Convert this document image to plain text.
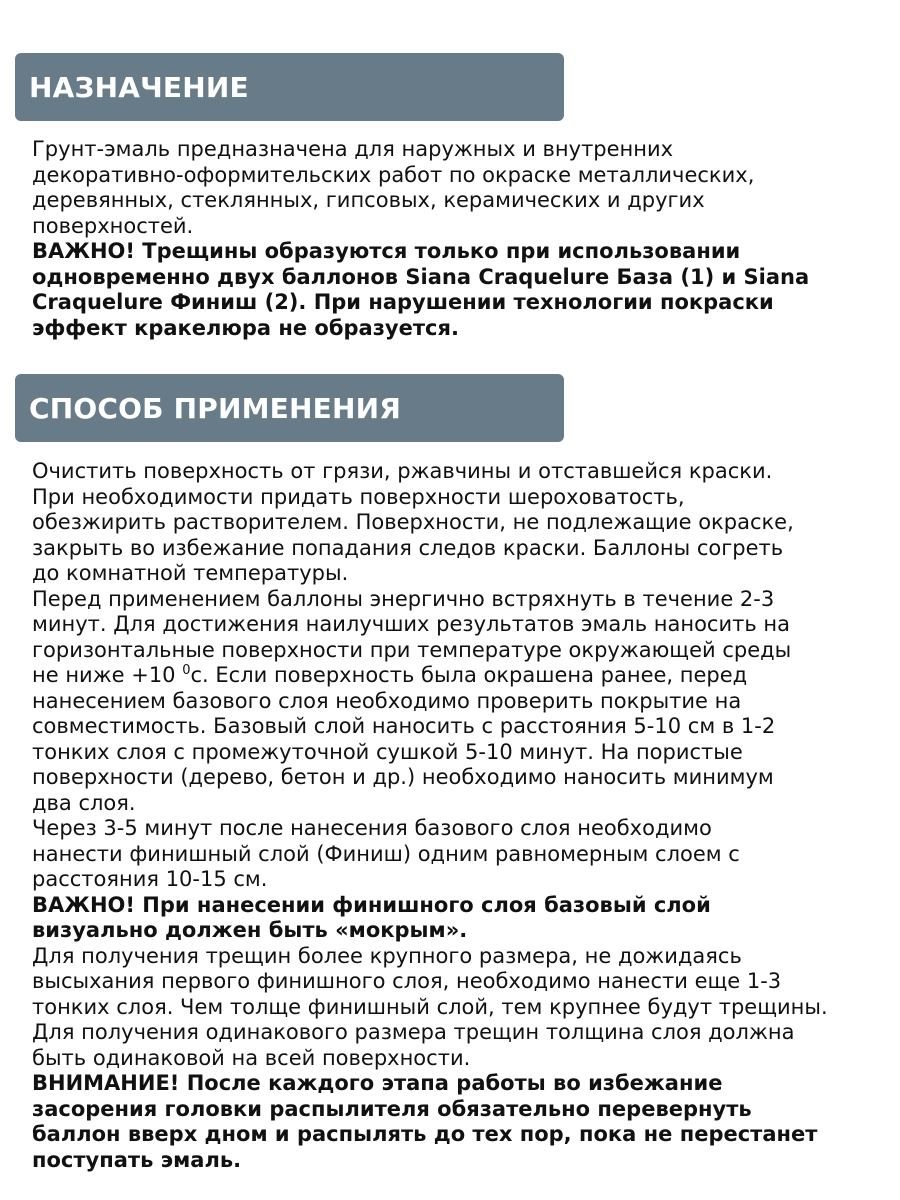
НАЗНАЧЕНИЕ
Грунт-эмаль предназначена для наружных и внутренних
декоративно-оформительских работ по окраске металлических,
деревянных, стеклянных, гипсовых, керамических и других
поверхностей.
ВАЖНО! Трещины образуются только при использовании
одновременно двух баллонов Siana Craquelure База (1) и Siana
Craquelure Финиш (2). При нарушении технологии покраски
эффект кракелюра не образуется.
СПОСОБ ПРИМЕНЕНИЯ
Очистить поверхность от грязи, ржавчины и отставшейся краски.
При необходимости придать поверхности шероховатость,
обезжирить растворителем. Поверхности, не подлежащие окраске,
закрыть во избежание попадания следов краски. Баллоны согреть
до комнатной температуры.
Перед применением баллоны энергично встряхнуть в течение 2-3
минут. Для достижения наилучших результатов эмаль наносить на
горизонтальные поверхности при температуре окружающей среды
не ниже +10 $^0$с. Если поверхность была окрашена ранее, перед
нанесением базового слоя необходимо проверить покрытие на
совместимость. Базовый слой наносить с расстояния 5-10 см в 1-2
тонких слоя с промежуточной сушкой 5-10 минут. На пористые
поверхности (дерево, бетон и др.) необходимо наносить минимум
два слоя.
Через 3-5 минут после нанесения базового слоя необходимо
нанести финишный слой (Финиш) одним равномерным слоем с
расстояния 10-15 см.
ВАЖНО! При нанесении финишного слоя базовый слой
визуально должен быть «мокрым».
Для получения трещин более крупного размера, не дожидаясь
высыхания первого финишного слоя, необходимо нанести еще 1-3
тонких слоя. Чем толще финишный слой, тем крупнее будут трещины.
Для получения одинакового размера трещин толщина слоя должна
быть одинаковой на всей поверхности.
ВНИМАНИЕ! После каждого этапа работы во избежание
засорения головки распылителя обязательно перевернуть
баллон вверх дном и распылять до тех пор, пока не перестанет
поступать эмаль.
